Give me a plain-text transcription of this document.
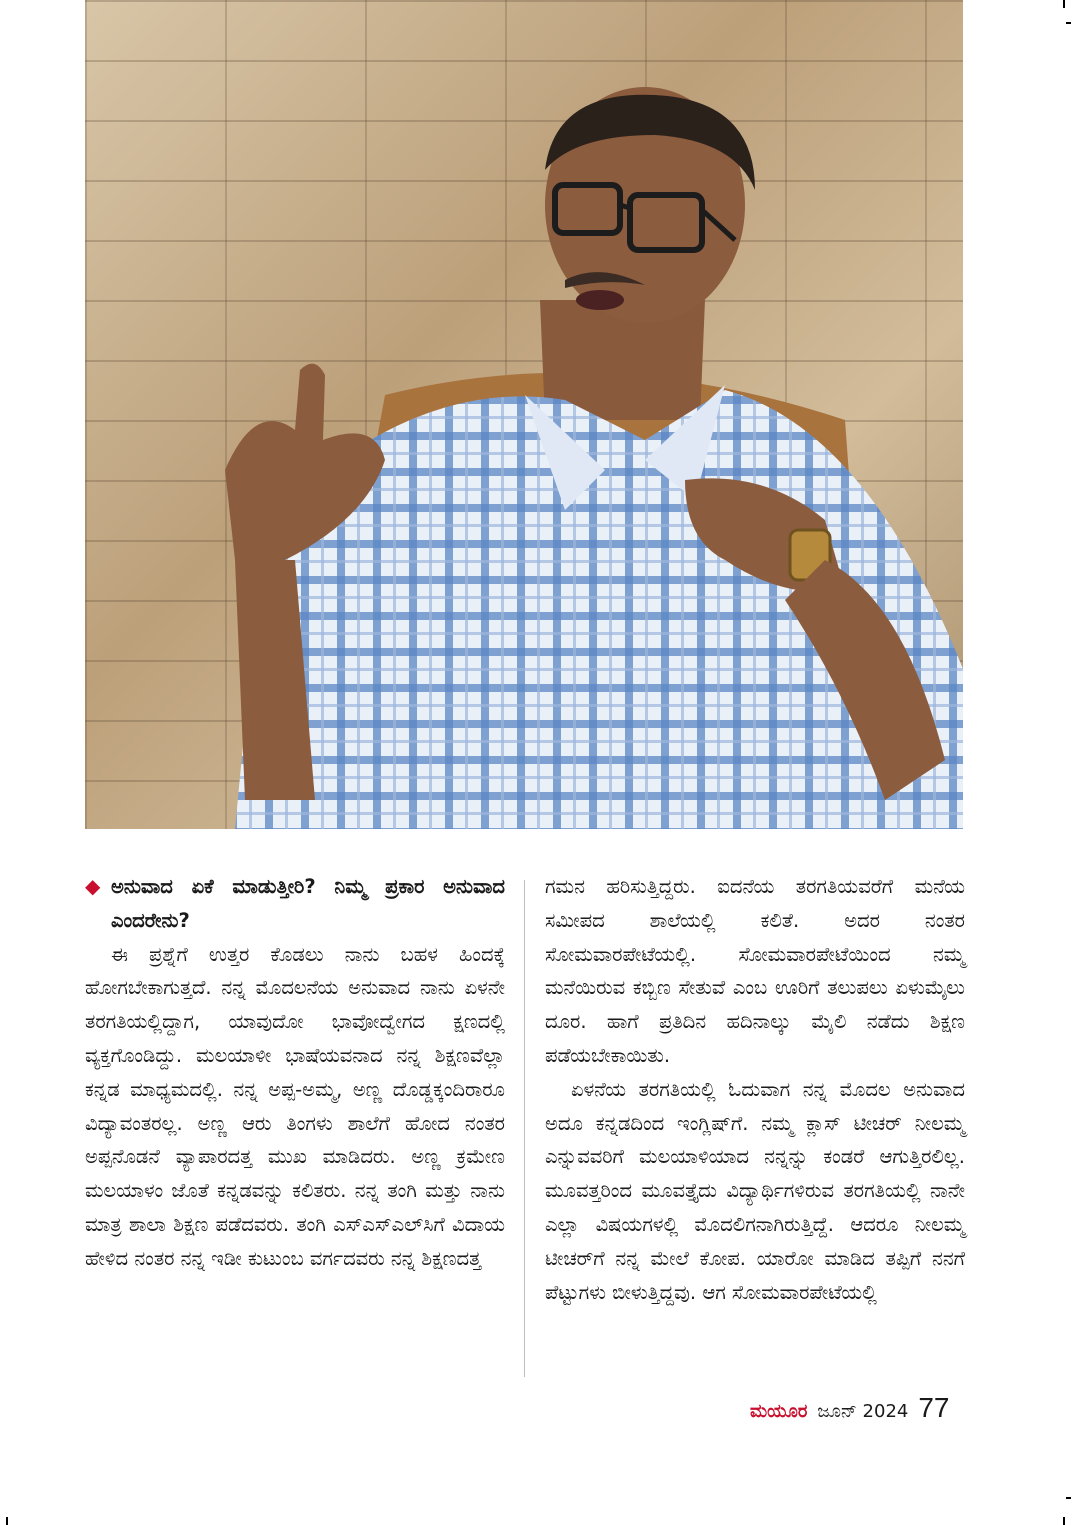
◆ ಅನುವಾದ ಏಕೆ ಮಾಡುತ್ತೀರಿ? ನಿಮ್ಮ ಪ್ರಕಾರ ಅನುವಾದ ಎಂದರೇನು?

ಈ ಪ್ರಶ್ನೆಗೆ ಉತ್ತರ ಕೊಡಲು ನಾನು ಬಹಳ ಹಿಂದಕ್ಕೆ ಹೋಗಬೇಕಾಗುತ್ತದೆ. ನನ್ನ ಮೊದಲನೆಯ ಅನುವಾದ ನಾನು ಏಳನೇ ತರಗತಿಯಲ್ಲಿದ್ದಾಗ, ಯಾವುದೋ ಭಾವೋದ್ವೇಗದ ಕ್ಷಣದಲ್ಲಿ ವ್ಯಕ್ತಗೊಂಡಿದ್ದು. ಮಲಯಾಳೀ ಭಾಷೆಯವನಾದ ನನ್ನ ಶಿಕ್ಷಣವೆಲ್ಲಾ ಕನ್ನಡ ಮಾಧ್ಯಮದಲ್ಲಿ. ನನ್ನ ಅಪ್ಪ-ಅಮ್ಮ, ಅಣ್ಣ ದೊಡ್ಡಕ್ಕಂದಿರಾರೂ ವಿದ್ಯಾವಂತರಲ್ಲ. ಅಣ್ಣ ಆರು ತಿಂಗಳು ಶಾಲೆಗೆ ಹೋದ ನಂತರ ಅಪ್ಪನೊಡನೆ ವ್ಯಾಪಾರದತ್ತ ಮುಖ ಮಾಡಿದರು. ಅಣ್ಣ ಕ್ರಮೇಣ ಮಲಯಾಳಂ ಜೊತೆ ಕನ್ನಡವನ್ನು ಕಲಿತರು. ನನ್ನ ತಂಗಿ ಮತ್ತು ನಾನು ಮಾತ್ರ ಶಾಲಾ ಶಿಕ್ಷಣ ಪಡೆದವರು. ತಂಗಿ ಎಸ್‌ಎಸ್‌ಎಲ್‌ಸಿಗೆ ವಿದಾಯ ಹೇಳಿದ ನಂತರ ನನ್ನ ಇಡೀ ಕುಟುಂಬ ವರ್ಗದವರು ನನ್ನ ಶಿಕ್ಷಣದತ್ತ

ಗಮನ ಹರಿಸುತ್ತಿದ್ದರು. ಐದನೆಯ ತರಗತಿಯವರೆಗೆ ಮನೆಯ ಸಮೀಪದ ಶಾಲೆಯಲ್ಲಿ ಕಲಿತೆ. ಅದರ ನಂತರ ಸೋಮವಾರಪೇಟೆಯಲ್ಲಿ. ಸೋಮವಾರಪೇಟೆಯಿಂದ ನಮ್ಮ ಮನೆಯಿರುವ ಕಬ್ಬಿಣ ಸೇತುವೆ ಎಂಬ ಊರಿಗೆ ತಲುಪಲು ಏಳುಮೈಲು ದೂರ. ಹಾಗೆ ಪ್ರತಿದಿನ ಹದಿನಾಲ್ಕು ಮೈಲಿ ನಡೆದು ಶಿಕ್ಷಣ ಪಡೆಯಬೇಕಾಯಿತು.

ಏಳನೆಯ ತರಗತಿಯಲ್ಲಿ ಓದುವಾಗ ನನ್ನ ಮೊದಲ ಅನುವಾದ ಅದೂ ಕನ್ನಡದಿಂದ ಇಂಗ್ಲಿಷ್‌ಗೆ. ನಮ್ಮ ಕ್ಲಾಸ್ ಟೀಚರ್ ನೀಲಮ್ಮ ಎನ್ನುವವರಿಗೆ ಮಲಯಾಳಿಯಾದ ನನ್ನನ್ನು ಕಂಡರೆ ಆಗುತ್ತಿರಲಿಲ್ಲ. ಮೂವತ್ತರಿಂದ ಮೂವತ್ತೈದು ವಿದ್ಯಾರ್ಥಿಗಳಿರುವ ತರಗತಿಯಲ್ಲಿ ನಾನೇ ಎಲ್ಲಾ ವಿಷಯಗಳಲ್ಲಿ ಮೊದಲಿಗನಾಗಿರುತ್ತಿದ್ದೆ. ಆದರೂ ನೀಲಮ್ಮ ಟೀಚರ್‌ಗೆ ನನ್ನ ಮೇಲೆ ಕೋಪ. ಯಾರೋ ಮಾಡಿದ ತಪ್ಪಿಗೆ ನನಗೆ ಪೆಟ್ಟುಗಳು ಬೀಳುತ್ತಿದ್ದವು. ಆಗ ಸೋಮವಾರಪೇಟೆಯಲ್ಲಿ

ಮಯೂರ ಜೂನ್ 2024 77
